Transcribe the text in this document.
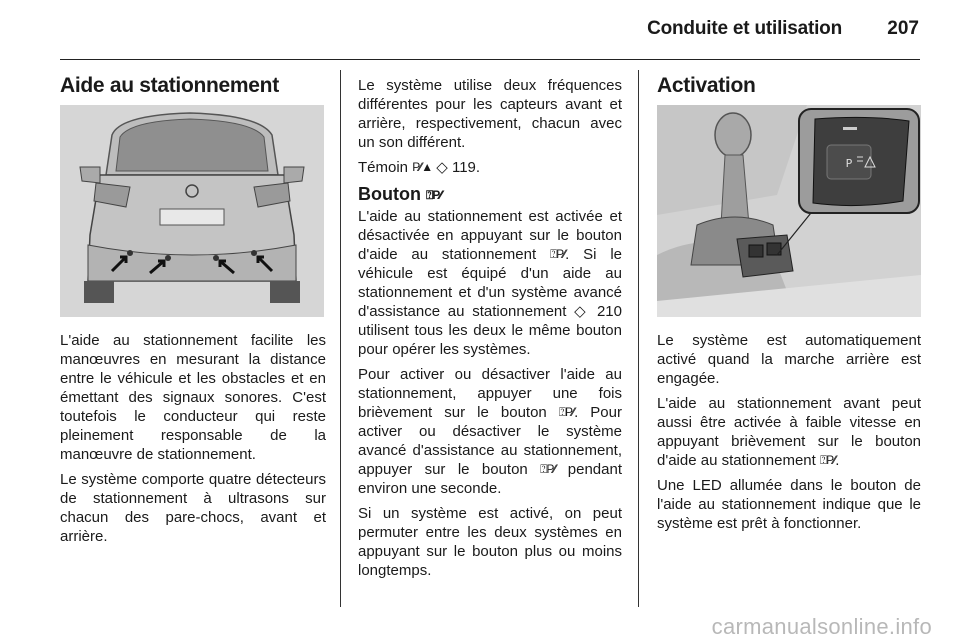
Conduite et utilisation 207
Aide au stationnement

L'aide au stationnement facilite les manœuvres en mesurant la distance entre le véhicule et les obstacles et en émettant des signaux sonores. C'est toutefois le conducteur qui reste pleinement responsable de la manœuvre de stationnement.

Le système comporte quatre détecteurs de stationnement à ultrasons sur chacun des pare-chocs, avant et arrière.

Le système utilise deux fréquences différentes pour les capteurs avant et arrière, respectivement, chacun avec un son différent.

Témoin P⁄⁄▲ ◇ 119.

Bouton ⍰P⁄⁄

L'aide au stationnement est activée et désactivée en appuyant sur le bouton d'aide au stationnement ⍰P⁄⁄. Si le véhicule est équipé d'un aide au stationnement et d'un système avancé d'assistance au stationnement ◇ 210 utilisent tous les deux le même bouton pour opérer les systèmes.

Pour activer ou désactiver l'aide au stationnement, appuyer une fois brièvement sur le bouton ⍰P⁄⁄. Pour activer ou désactiver le système avancé d'assistance au stationnement, appuyer sur le bouton ⍰P⁄⁄ pendant environ une seconde.

Si un système est activé, on peut permuter entre les deux systèmes en appuyant sur le bouton plus ou moins longtemps.

Activation
P

Le système est automatiquement activé quand la marche arrière est engagée.

L'aide au stationnement avant peut aussi être activée à faible vitesse en appuyant brièvement sur le bouton d'aide au stationnement ⍰P⁄⁄.

Une LED allumée dans le bouton de l'aide au stationnement indique que le système est prêt à fonctionner.

carmanualsonline.info
